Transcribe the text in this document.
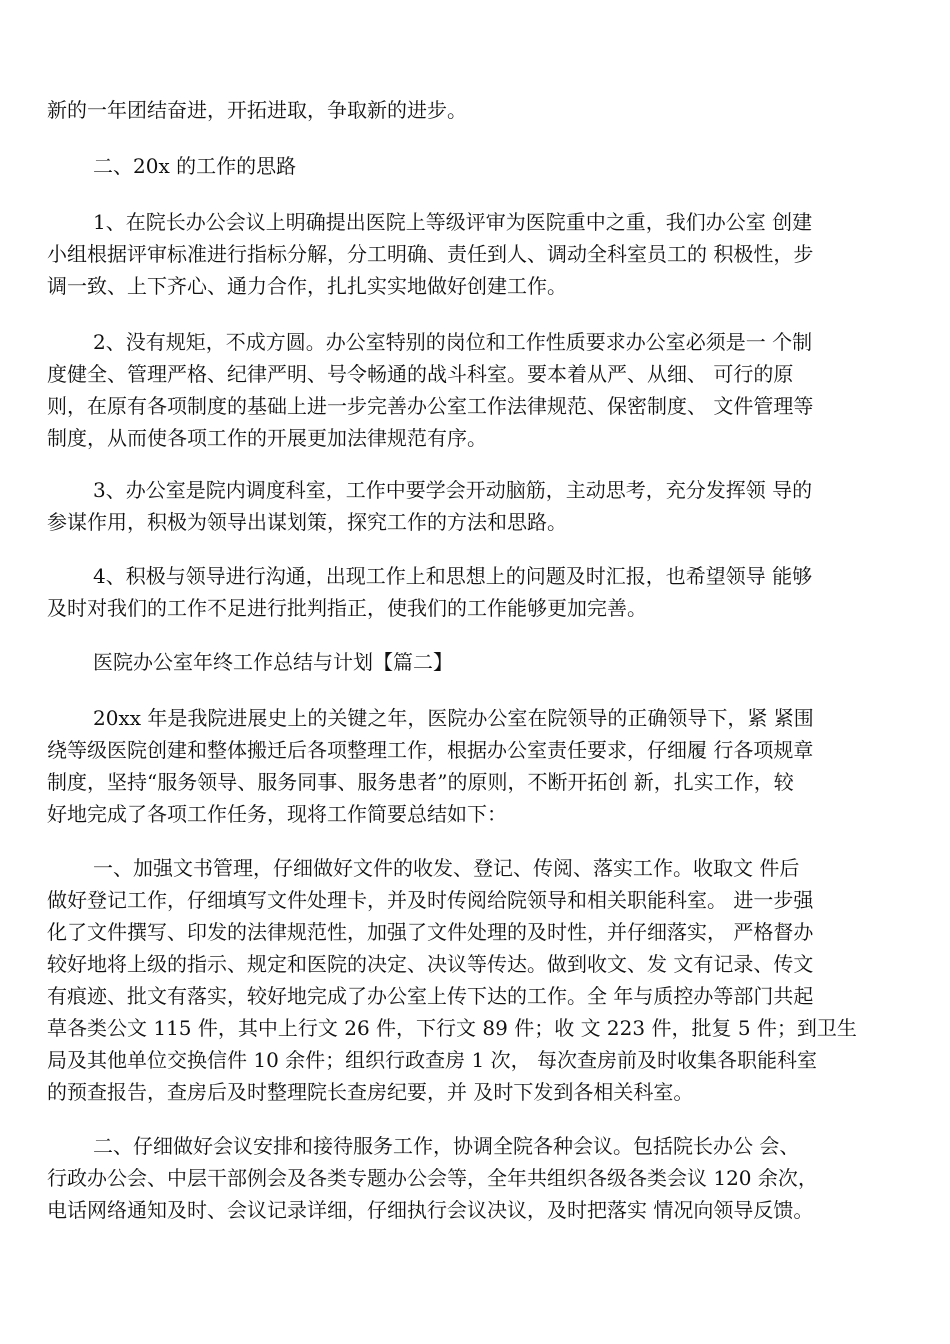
新的一年团结奋进，开拓进取，争取新的进步。
二、20x 的工作的思路
1、在院长办公会议上明确提出医院上等级评审为医院重中之重，我们办公室 创建
小组根据评审标准进行指标分解，分工明确、责任到人、调动全科室员工的 积极性，步
调一致、上下齐心、通力合作，扎扎实实地做好创建工作。
2、没有规矩，不成方圆。办公室特别的岗位和工作性质要求办公室必须是一 个制
度健全、管理严格、纪律严明、号令畅通的战斗科室。要本着从严、从细、 可行的原
则，在原有各项制度的基础上进一步完善办公室工作法律规范、保密制度、 文件管理等
制度，从而使各项工作的开展更加法律规范有序。
3、办公室是院内调度科室，工作中要学会开动脑筋，主动思考，充分发挥领 导的
参谋作用，积极为领导出谋划策，探究工作的方法和思路。
4、积极与领导进行沟通，出现工作上和思想上的问题及时汇报，也希望领导 能够
及时对我们的工作不足进行批判指正，使我们的工作能够更加完善。
医院办公室年终工作总结与计划【篇二】
20xx 年是我院进展史上的关键之年，医院办公室在院领导的正确领导下，紧 紧围
绕等级医院创建和整体搬迁后各项整理工作，根据办公室责任要求，仔细履 行各项规章
制度，坚持“服务领导、服务同事、服务患者”的原则，不断开拓创 新，扎实工作，较
好地完成了各项工作任务，现将工作简要总结如下：
一、加强文书管理，仔细做好文件的收发、登记、传阅、落实工作。收取文 件后
做好登记工作，仔细填写文件处理卡，并及时传阅给院领导和相关职能科室。 进一步强
化了文件撰写、印发的法律规范性，加强了文件处理的及时性，并仔细落实， 严格督办
较好地将上级的指示、规定和医院的决定、决议等传达。做到收文、发 文有记录、传文
有痕迹、批文有落实，较好地完成了办公室上传下达的工作。全 年与质控办等部门共起
草各类公文 115 件，其中上行文 26 件，下行文 89 件；收 文 223 件，批复 5 件；到卫生
局及其他单位交换信件 10 余件；组织行政查房 1 次， 每次查房前及时收集各职能科室
的预查报告，查房后及时整理院长查房纪要，并 及时下发到各相关科室。
二、仔细做好会议安排和接待服务工作，协调全院各种会议。包括院长办公 会、
行政办公会、中层干部例会及各类专题办公会等，全年共组织各级各类会议 120 余次，
电话网络通知及时、会议记录详细，仔细执行会议决议，及时把落实 情况向领导反馈。
